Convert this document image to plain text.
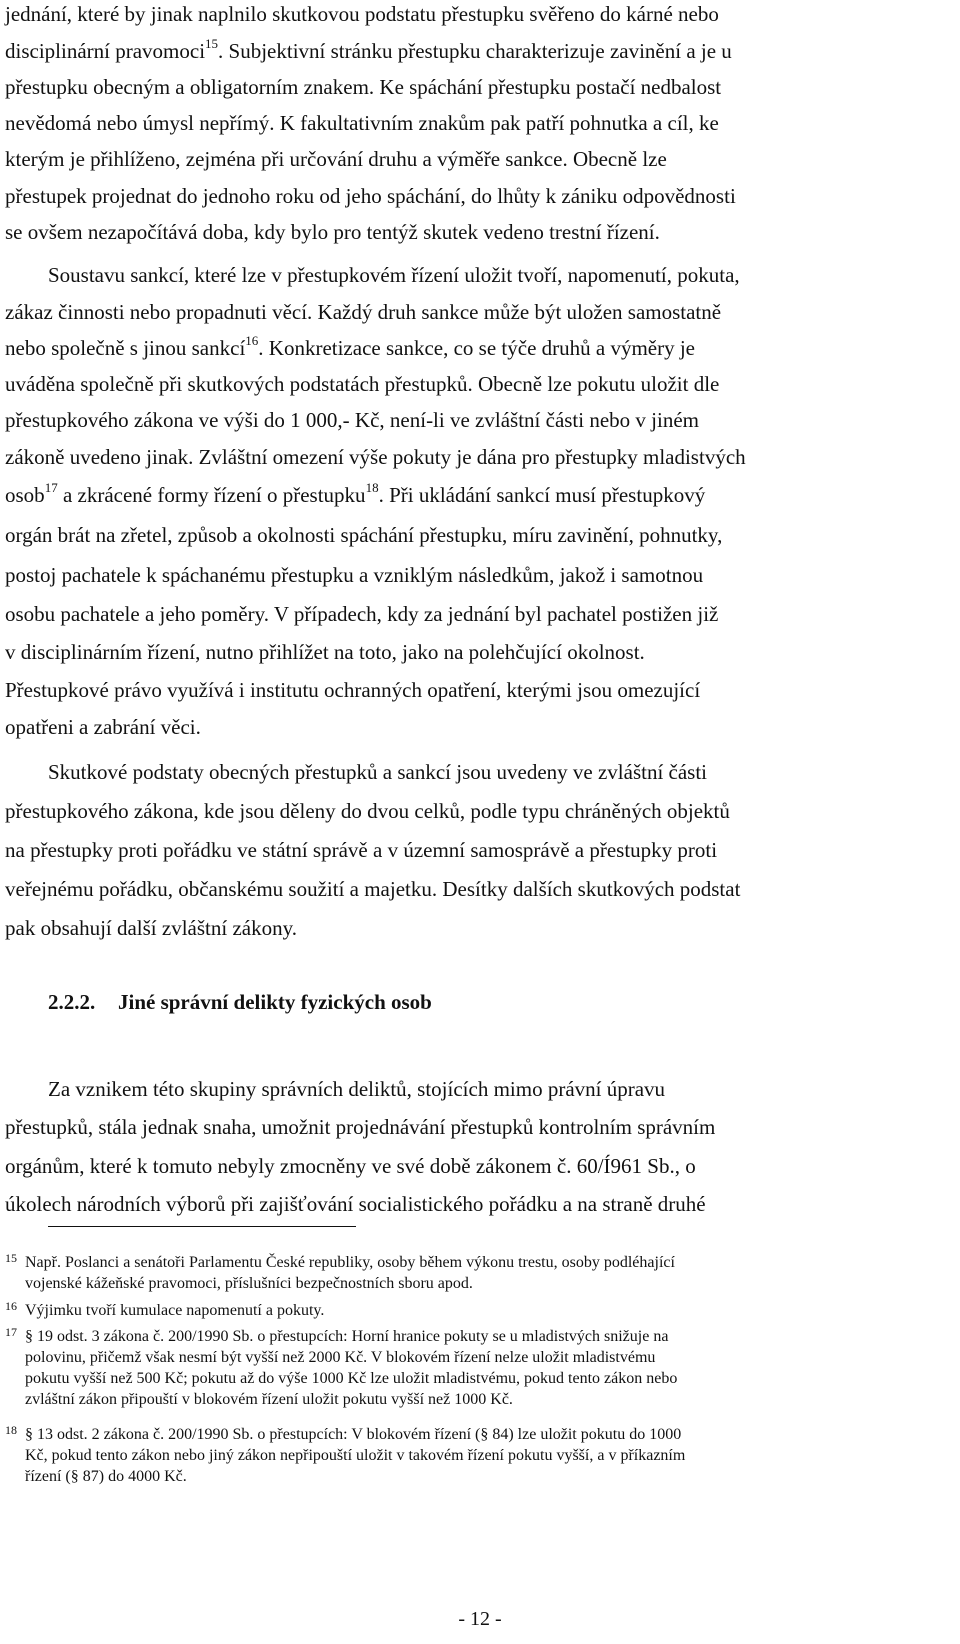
jednání, které by jinak naplnilo skutkovou podstatu přestupku svěřeno do kárné nebo
disciplinární pravomoci$^{15}$. Subjektivní stránku přestupku charakterizuje zavinění a je u
přestupku obecným a obligatorním znakem. Ke spáchání přestupku postačí nedbalost
nevědomá nebo úmysl nepřímý. K fakultativním znakům pak patří pohnutka a cíl, ke
kterým je přihlíženo, zejména při určování druhu a výměře sankce. Obecně lze
přestupek projednat do jednoho roku od jeho spáchání, do lhůty k zániku odpovědnosti
se ovšem nezapočítává doba, kdy bylo pro tentýž skutek vedeno trestní řízení.
Soustavu sankcí, které lze v přestupkovém řízení uložit tvoří, napomenutí, pokuta,
zákaz činnosti nebo propadnuti věcí. Každý druh sankce může být uložen samostatně
nebo společně s jinou sankcí$^{16}$. Konkretizace sankce, co se týče druhů a výměry je
uváděna společně při skutkových podstatách přestupků. Obecně lze pokutu uložit dle
přestupkového zákona ve výši do 1 000,- Kč, není-li ve zvláštní části nebo v jiném
zákoně uvedeno jinak. Zvláštní omezení výše pokuty je dána pro přestupky mladistvých
osob$^{17}$ a zkrácené formy řízení o přestupku$^{18}$. Při ukládání sankcí musí přestupkový
orgán brát na zřetel, způsob a okolnosti spáchání přestupku, míru zavinění, pohnutky,
postoj pachatele k spáchanému přestupku a vzniklým následkům, jakož i samotnou
osobu pachatele a jeho poměry. V případech, kdy za jednání byl pachatel postižen již
v disciplinárním řízení, nutno přihlížet na toto, jako na polehčující okolnost.
Přestupkové právo využívá i institutu ochranných opatření, kterými jsou omezující
opatřeni a zabrání věci.
Skutkové podstaty obecných přestupků a sankcí jsou uvedeny ve zvláštní části
přestupkového zákona, kde jsou děleny do dvou celků, podle typu chráněných objektů
na přestupky proti pořádku ve státní správě a v územní samosprávě a přestupky proti
veřejnému pořádku, občanskému soužití a majetku. Desítky dalších skutkových podstat
pak obsahují další zvláštní zákony.
2.2.2. Jiné správní delikty fyzických osob
Za vznikem této skupiny správních deliktů, stojících mimo právní úpravu
přestupků, stála jednak snaha, umožnit projednávání přestupků kontrolním správním
orgánům, které k tomuto nebyly zmocněny ve své době zákonem č. 60/Í961 Sb., o
úkolech národních výborů při zajišťování socialistického pořádku a na straně druhé
15 Např. Poslanci a senátoři Parlamentu České republiky, osoby během výkonu trestu, osoby podléhající
vojenské kážeňské pravomoci, příslušníci bezpečnostních sboru apod.
16 Výjimku tvoří kumulace napomenutí a pokuty.
17 § 19 odst. 3 zákona č. 200/1990 Sb. o přestupcích: Horní hranice pokuty se u mladistvých snižuje na
polovinu, přičemž však nesmí být vyšší než 2000 Kč. V blokovém řízení nelze uložit mladistvému
pokutu vyšší než 500 Kč; pokutu až do výše 1000 Kč lze uložit mladistvému, pokud tento zákon nebo
zvláštní zákon připouští v blokovém řízení uložit pokutu vyšší než 1000 Kč.
18 § 13 odst. 2 zákona č. 200/1990 Sb. o přestupcích: V blokovém řízení (§ 84) lze uložit pokutu do 1000
Kč, pokud tento zákon nebo jiný zákon nepřipouští uložit v takovém řízení pokutu vyšší, a v příkazním
řízení (§ 87) do 4000 Kč.
- 12 -
